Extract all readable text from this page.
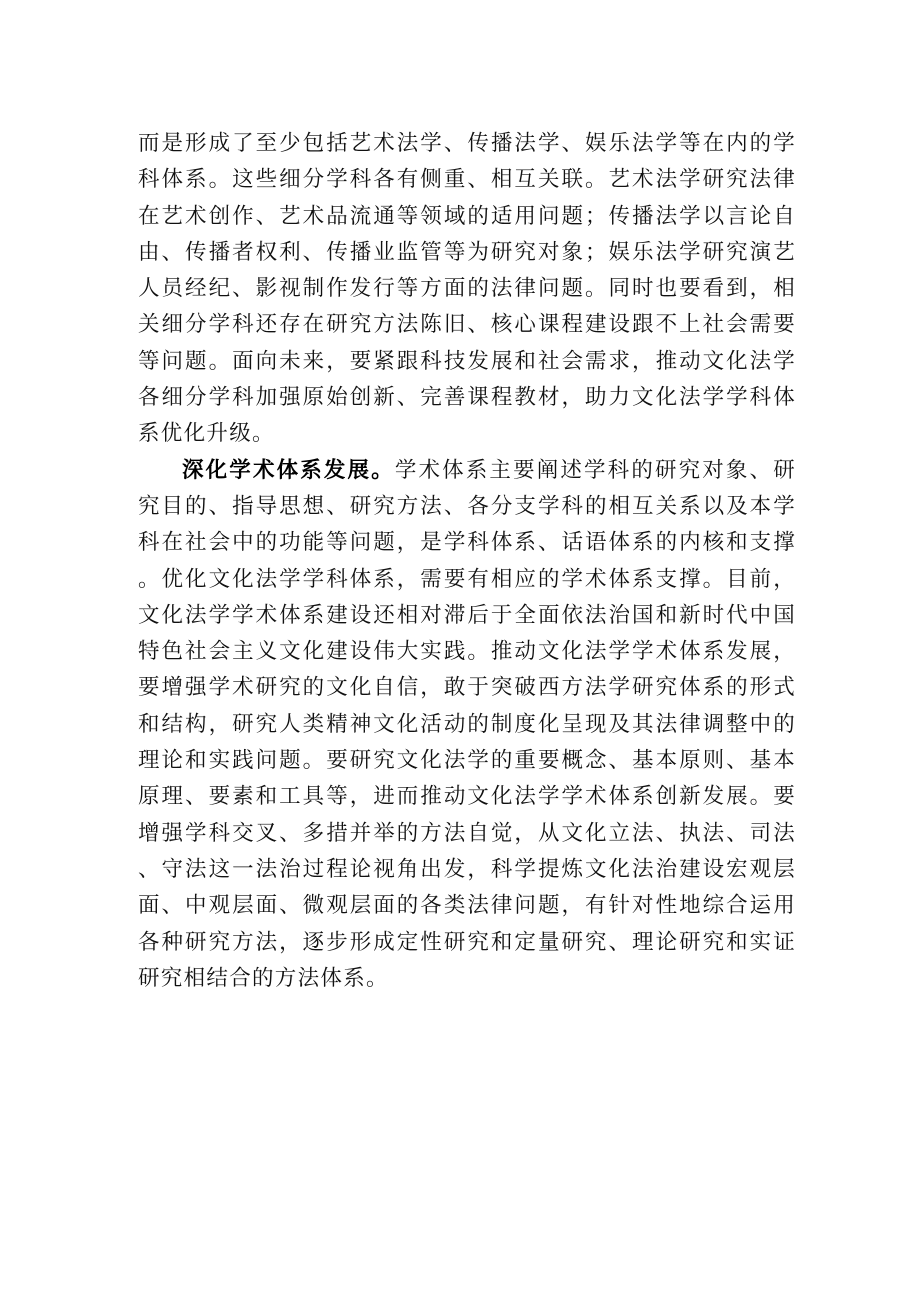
而是形成了至少包括艺术法学、传播法学、娱乐法学等在内的学科体系。这些细分学科各有侧重、相互关联。艺术法学研究法律在艺术创作、艺术品流通等领域的适用问题；传播法学以言论自由、传播者权利、传播业监管等为研究对象；娱乐法学研究演艺人员经纪、影视制作发行等方面的法律问题。同时也要看到，相关细分学科还存在研究方法陈旧、核心课程建设跟不上社会需要等问题。面向未来，要紧跟科技发展和社会需求，推动文化法学各细分学科加强原始创新、完善课程教材，助力文化法学学科体系优化升级。

深化学术体系发展。学术体系主要阐述学科的研究对象、研究目的、指导思想、研究方法、各分支学科的相互关系以及本学科在社会中的功能等问题，是学科体系、话语体系的内核和支撑。优化文化法学学科体系，需要有相应的学术体系支撑。目前，文化法学学术体系建设还相对滞后于全面依法治国和新时代中国特色社会主义文化建设伟大实践。推动文化法学学术体系发展，要增强学术研究的文化自信，敢于突破西方法学研究体系的形式和结构，研究人类精神文化活动的制度化呈现及其法律调整中的理论和实践问题。要研究文化法学的重要概念、基本原则、基本原理、要素和工具等，进而推动文化法学学术体系创新发展。要增强学科交叉、多措并举的方法自觉，从文化立法、执法、司法、守法这一法治过程论视角出发，科学提炼文化法治建设宏观层面、中观层面、微观层面的各类法律问题，有针对性地综合运用各种研究方法，逐步形成定性研究和定量研究、理论研究和实证研究相结合的方法体系。
